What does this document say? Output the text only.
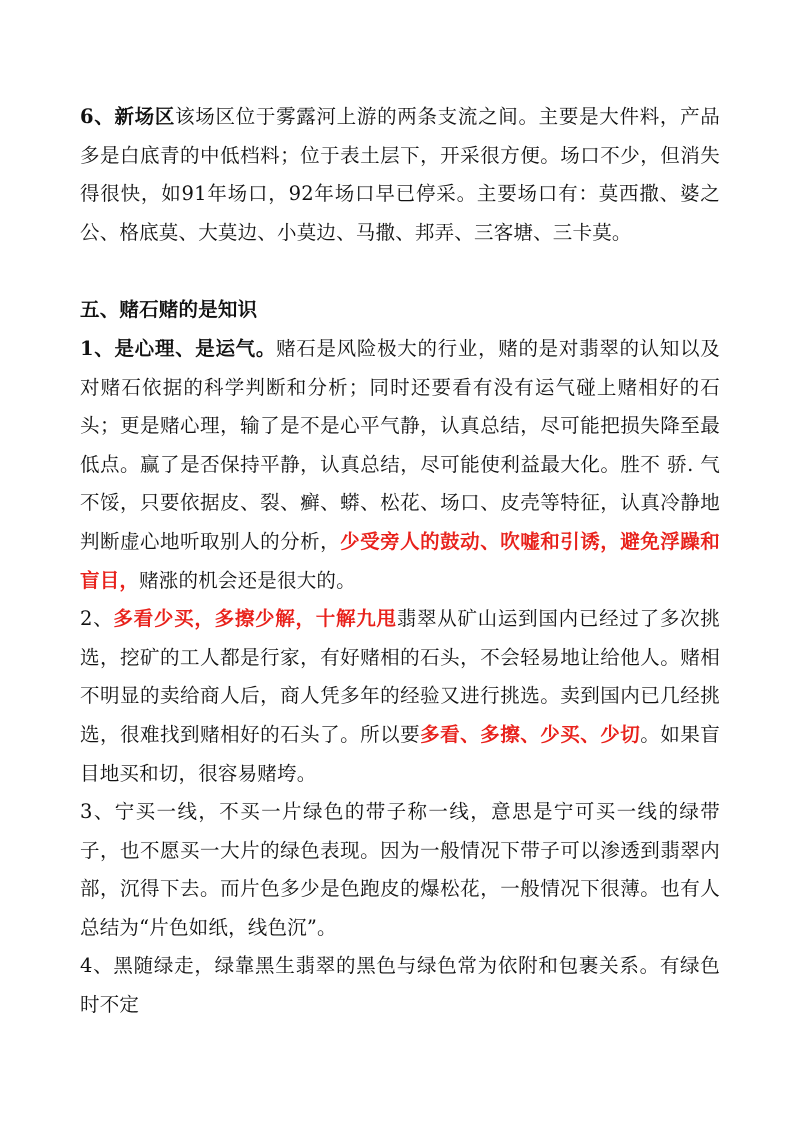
6、新场区该场区位于雾露河上游的两条支流之间。主要是大件料，产品多是白底青的中低档料；位于表土层下，开采很方便。场口不少，但消失得很快，如91年场口，92年场口早已停采。主要场口有：莫西撒、婆之公、格底莫、大莫边、小莫边、马撒、邦弄、三客塘、三卡莫。

五、赌石赌的是知识

1、是心理、是运气。赌石是风险极大的行业，赌的是对翡翠的认知以及对赌石依据的科学判断和分析；同时还要看有没有运气碰上赌相好的石头；更是赌心理，输了是不是心平气静，认真总结，尽可能把损失降至最低点。赢了是否保持平静，认真总结，尽可能使利益最大化。胜不 骄. 气不馁，只要依据皮、裂、癣、蟒、松花、场口、皮壳等特征，认真冷静地判断虚心地听取别人的分析，少受旁人的鼓动、吹嘘和引诱，避免浮躁和盲目，赌涨的机会还是很大的。

2、多看少买，多擦少解，十解九甩翡翠从矿山运到国内已经过了多次挑选，挖矿的工人都是行家，有好赌相的石头，不会轻易地让给他人。赌相不明显的卖给商人后，商人凭多年的经验又进行挑选。卖到国内已几经挑选，很难找到赌相好的石头了。所以要多看、多擦、少买、少切。如果盲目地买和切，很容易赌垮。

3、宁买一线，不买一片绿色的带子称一线，意思是宁可买一线的绿带子，也不愿买一大片的绿色表现。因为一般情况下带子可以渗透到翡翠内部，沉得下去。而片色多少是色跑皮的爆松花，一般情况下很薄。也有人总结为“片色如纸，线色沉”。

4、黑随绿走，绿靠黑生翡翠的黑色与绿色常为依附和包裹关系。有绿色时不定
